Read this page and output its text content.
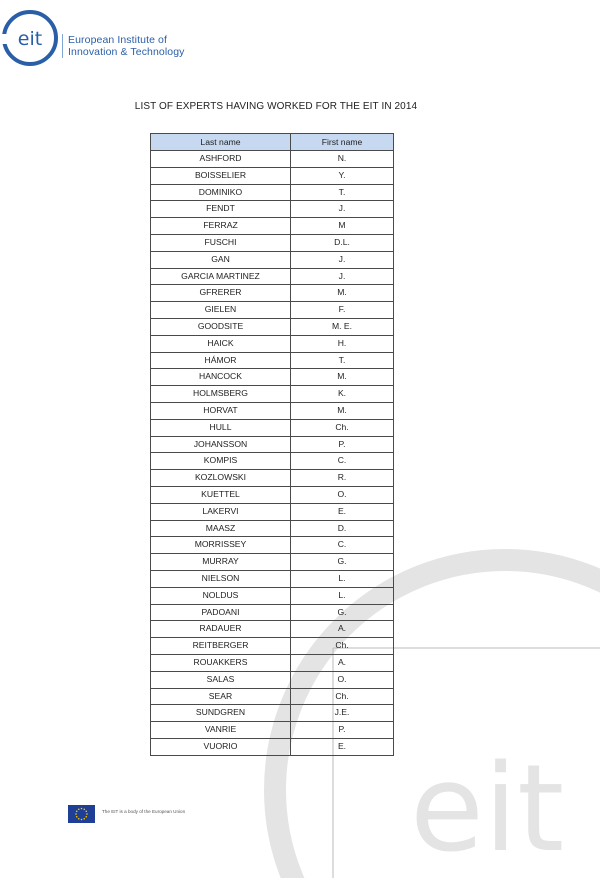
eit
eit European Institute of
Innovation & Technology
LIST OF EXPERTS HAVING WORKED FOR THE EIT IN 2014
Last name	First name
ASHFORD	N.
BOISSELIER	Y.
DOMINIKO	T.
FENDT	J.
FERRAZ	M
FUSCHI	D.L.
GAN	J.
GARCIA MARTINEZ	J.
GFRERER	M.
GIELEN	F.
GOODSITE	M. E.
HAICK	H.
HÁMOR	T.
HANCOCK	M.
HOLMSBERG	K.
HORVAT	M.
HULL	Ch.
JOHANSSON	P.
KOMPIS	C.
KOZLOWSKI	R.
KUETTEL	O.
LAKERVI	E.
MAASZ	D.
MORRISSEY	C.
MURRAY	G.
NIELSON	L.
NOLDUS	L.
PADOANI	G.
RADAUER	A.
REITBERGER	Ch.
ROUAKKERS	A.
SALAS	O.
SEAR	Ch.
SUNDGREN	J.E.
VANRIE	P.
VUORIO	E.
The EIT is a body of the European Union
